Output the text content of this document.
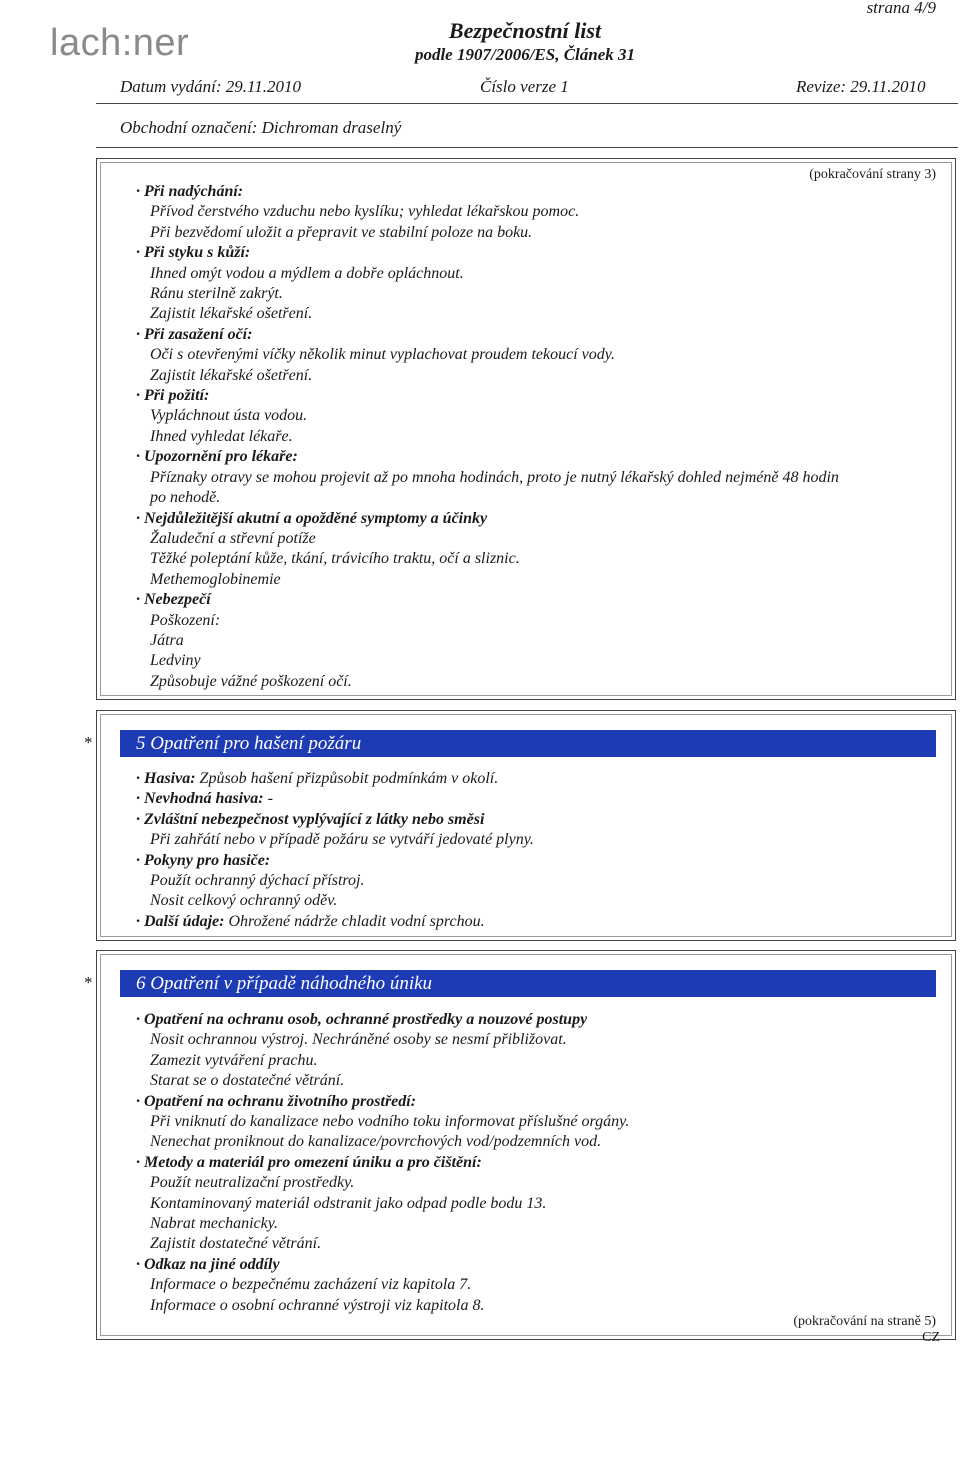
lach:ner
strana 4/9
Bezpečnostní list
podle 1907/2006/ES, Článek 31
Datum vydání: 29.11.2010	Číslo verze 1	Revize: 29.11.2010
Obchodní označení: Dichroman draselný
(pokračování strany 3)
· Při nadýchání:
Přívod čerstvého vzduchu nebo kyslíku; vyhledat lékařskou pomoc.
Při bezvědomí uložit a přepravit ve stabilní poloze na boku.
· Při styku s kůží:
Ihned omýt vodou a mýdlem a dobře opláchnout.
Ránu sterilně zakrýt.
Zajistit lékařské ošetření.
· Při zasažení očí:
Oči s otevřenými víčky několik minut vyplachovat proudem tekoucí vody.
Zajistit lékařské ošetření.
· Při požití:
Vypláchnout ústa vodou.
Ihned vyhledat lékaře.
· Upozornění pro lékaře:
Příznaky otravy se mohou projevit až po mnoha hodinách, proto je nutný lékařský dohled nejméně 48 hodin
po nehodě.
· Nejdůležitější akutní a opožděné symptomy a účinky
Žaludeční a střevní potíže
Těžké poleptání kůže, tkání, trávicího traktu, očí a sliznic.
Methemoglobinemie
· Nebezpečí
Poškození:
Játra
Ledviny
Způsobuje vážné poškození očí.
*	5 Opatření pro hašení požáru
· Hasiva: Způsob hašení přizpůsobit podmínkám v okolí.
· Nevhodná hasiva: -
· Zvláštní nebezpečnost vyplývající z látky nebo směsi
Při zahřátí nebo v případě požáru se vytváří jedovaté plyny.
· Pokyny pro hasiče:
Použít ochranný dýchací přístroj.
Nosit celkový ochranný oděv.
· Další údaje: Ohrožené nádrže chladit vodní sprchou.
*	6 Opatření v případě náhodného úniku
· Opatření na ochranu osob, ochranné prostředky a nouzové postupy
Nosit ochrannou výstroj. Nechráněné osoby se nesmí přibližovat.
Zamezit vytváření prachu.
Starat se o dostatečné větrání.
· Opatření na ochranu životního prostředí:
Při vniknutí do kanalizace nebo vodního toku informovat příslušné orgány.
Nenechat proniknout do kanalizace/povrchových vod/podzemních vod.
· Metody a materiál pro omezení úniku a pro čištění:
Použít neutralizační prostředky.
Kontaminovaný materiál odstranit jako odpad podle bodu 13.
Nabrat mechanicky.
Zajistit dostatečné větrání.
· Odkaz na jiné oddíly
Informace o bezpečnému zacházení viz kapitola 7.
Informace o osobní ochranné výstroji viz kapitola 8.
(pokračování na straně 5)
CZ
